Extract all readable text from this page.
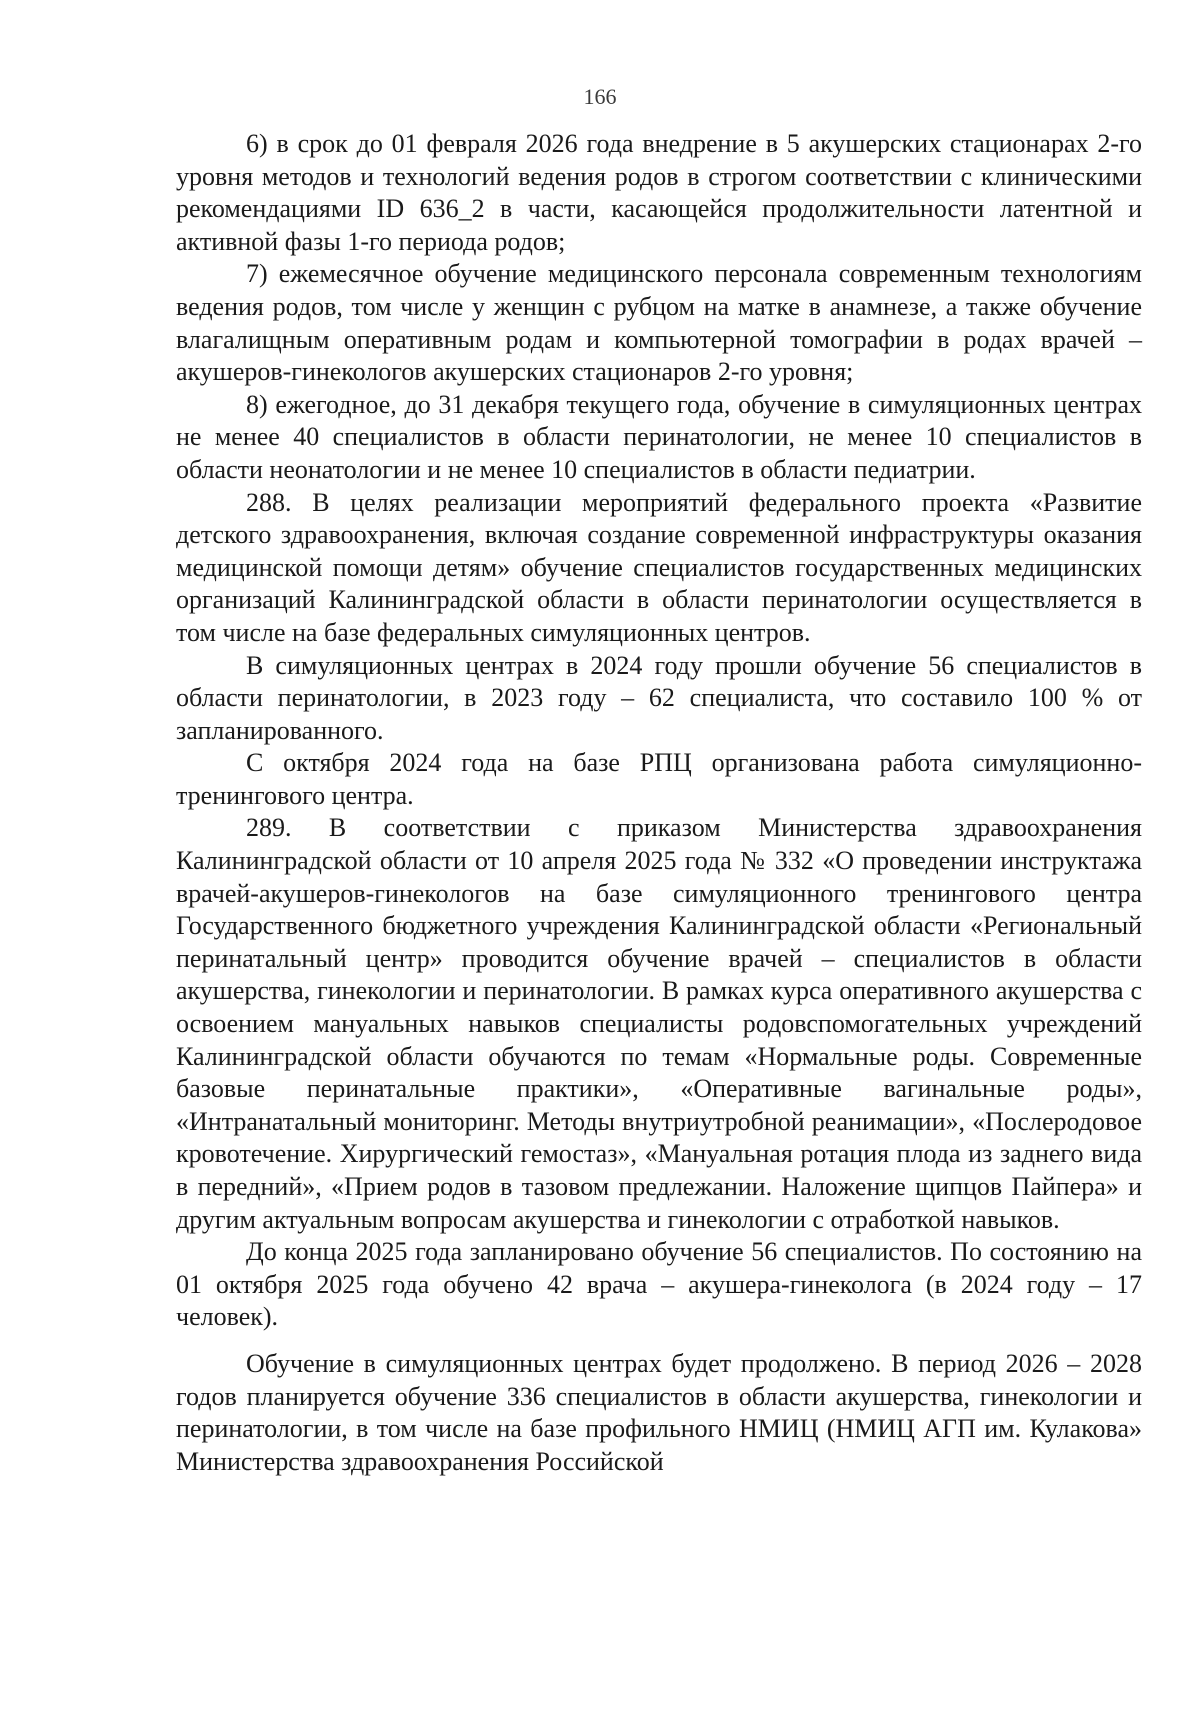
166

6) в срок до 01 февраля 2026 года внедрение в 5 акушерских стационарах 2-го уровня методов и технологий ведения родов в строгом соответствии с клиническими рекомендациями ID 636_2 в части, касающейся продолжительности латентной и активной фазы 1-го периода родов;

7) ежемесячное обучение медицинского персонала современным технологиям ведения родов, том числе у женщин с рубцом на матке в анамнезе, а также обучение влагалищным оперативным родам и компьютерной томографии в родах врачей – акушеров-гинекологов акушерских стационаров 2-го уровня;

8) ежегодное, до 31 декабря текущего года, обучение в симуляционных центрах не менее 40 специалистов в области перинатологии, не менее 10 специалистов в области неонатологии и не менее 10 специалистов в области педиатрии.

288. В целях реализации мероприятий федерального проекта «Развитие детского здравоохранения, включая создание современной инфраструктуры оказания медицинской помощи детям» обучение специалистов государственных медицинских организаций Калининградской области в области перинатологии осуществляется в том числе на базе федеральных симуляционных центров.

В симуляционных центрах в 2024 году прошли обучение 56 специалистов в области перинатологии, в 2023 году – 62 специалиста, что составило 100 % от запланированного.

С октября 2024 года на базе РПЦ организована работа симуляционно-тренингового центра.

289. В соответствии с приказом Министерства здравоохранения Калининградской области от 10 апреля 2025 года № 332 «О проведении инструктажа врачей-акушеров-гинекологов на базе симуляционного тренингового центра Государственного бюджетного учреждения Калининградской области «Региональный перинатальный центр» проводится обучение врачей – специалистов в области акушерства, гинекологии и перинатологии. В рамках курса оперативного акушерства с освоением мануальных навыков специалисты родовспомогательных учреждений Калининградской области обучаются по темам «Нормальные роды. Современные базовые перинатальные практики», «Оперативные вагинальные роды», «Интранатальный мониторинг. Методы внутриутробной реанимации», «Послеродовое кровотечение. Хирургический гемостаз», «Мануальная ротация плода из заднего вида в передний», «Прием родов в тазовом предлежании. Наложение щипцов Пайпера» и другим актуальным вопросам акушерства и гинекологии с отработкой навыков.

До конца 2025 года запланировано обучение 56 специалистов. По состоянию на 01 октября 2025 года обучено 42 врача – акушера-гинеколога (в 2024 году – 17 человек).

Обучение в симуляционных центрах будет продолжено. В период 2026 – 2028 годов планируется обучение 336 специалистов в области акушерства, гинекологии и перинатологии, в том числе на базе профильного НМИЦ (НМИЦ АГП им. Кулакова» Министерства здравоохранения Российской
